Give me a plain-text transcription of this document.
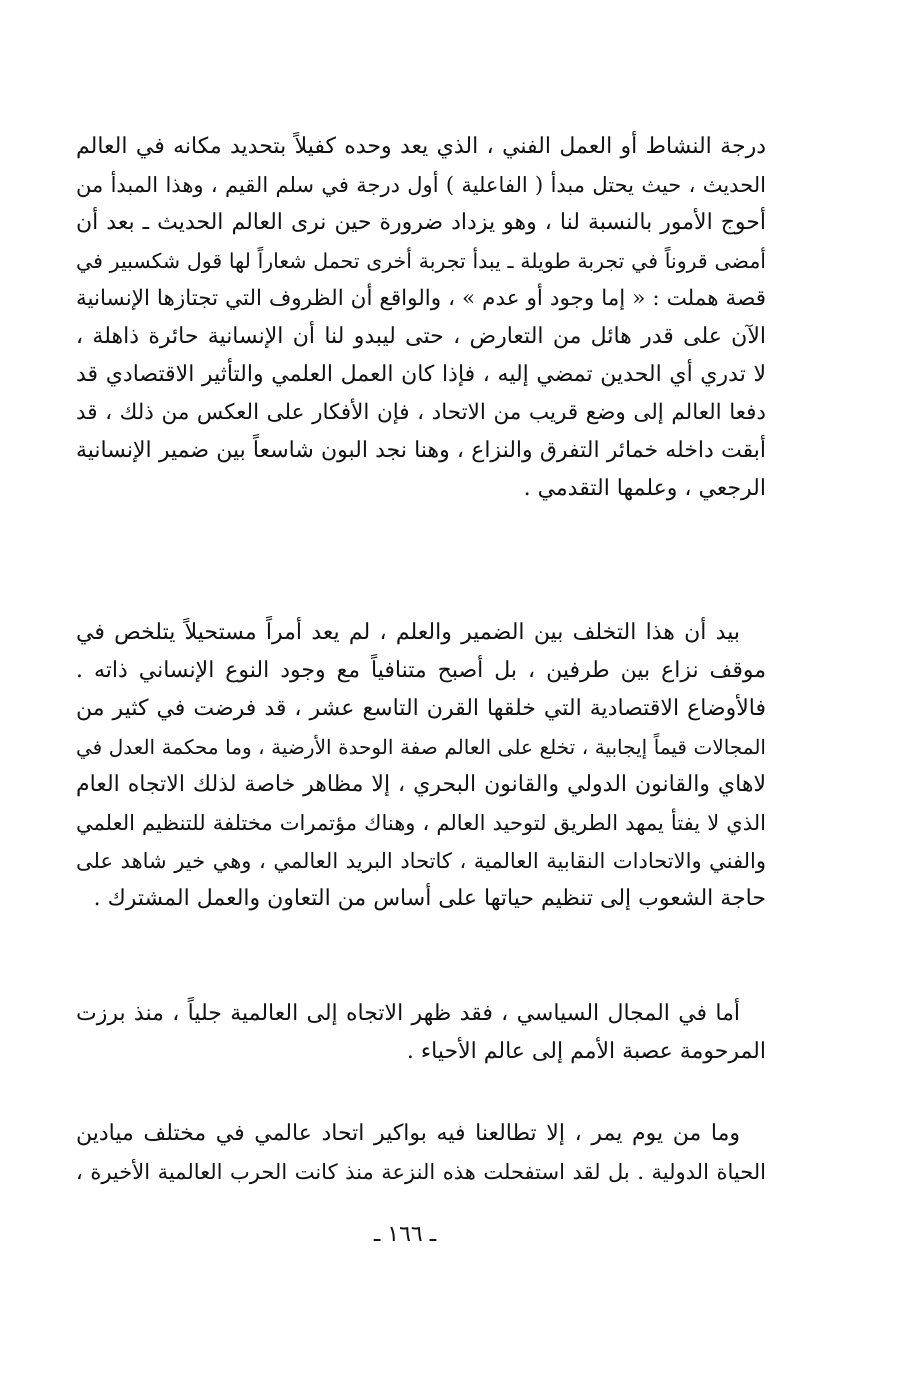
درجة النشاط أو العمل الفني ، الذي يعد وحده كفيلاً بتحديد مكانه في العالم
الحديث ، حيث يحتل مبدأ ( الفاعلية ) أول درجة في سلم القيم ، وهذا المبدأ من
أحوج الأمور بالنسبة لنا ، وهو يزداد ضرورة حين نرى العالم الحديث ـ بعد أن
أمضى قروناً في تجربة طويلة ـ يبدأ تجربة أخرى تحمل شعاراً لها قول شكسبير في
قصة هملت : « إما وجود أو عدم » ، والواقع أن الظروف التي تجتازها الإنسانية
الآن على قدر هائل من التعارض ، حتى ليبدو لنا أن الإنسانية حائرة ذاهلة ،
لا تدري أي الحدين تمضي إليه ، فإذا كان العمل العلمي والتأثير الاقتصادي قد
دفعا العالم إلى وضع قريب من الاتحاد ، فإن الأفكار على العكس من ذلك ، قد
أبقت داخله خمائر التفرق والنزاع ، وهنا نجد البون شاسعاً بين ضمير الإنسانية
الرجعي ، وعلمها التقدمي .
بيد أن هذا التخلف بين الضمير والعلم ، لم يعد أمراً مستحيلاً يتلخص في
موقف نزاع بين طرفين ، بل أصبح متنافياً مع وجود النوع الإنساني ذاته .
فالأوضاع الاقتصادية التي خلقها القرن التاسع عشر ، قد فرضت في كثير من
المجالات قيماً إيجابية ، تخلع على العالم صفة الوحدة الأرضية ، وما محكمة العدل في
لاهاي والقانون الدولي والقانون البحري ، إلا مظاهر خاصة لذلك الاتجاه العام
الذي لا يفتأ يمهد الطريق لتوحيد العالم ، وهناك مؤتمرات مختلفة للتنظيم العلمي
والفني والاتحادات النقابية العالمية ، كاتحاد البريد العالمي ، وهي خير شاهد على
حاجة الشعوب إلى تنظيم حياتها على أساس من التعاون والعمل المشترك .
أما في المجال السياسي ، فقد ظهر الاتجاه إلى العالمية جلياً ، منذ برزت
المرحومة عصبة الأمم إلى عالم الأحياء .
وما من يوم يمر ، إلا تطالعنا فيه بواكير اتحاد عالمي في مختلف ميادين
الحياة الدولية . بل لقد استفحلت هذه النزعة منذ كانت الحرب العالمية الأخيرة ،
ـ ١٦٦ ـ
